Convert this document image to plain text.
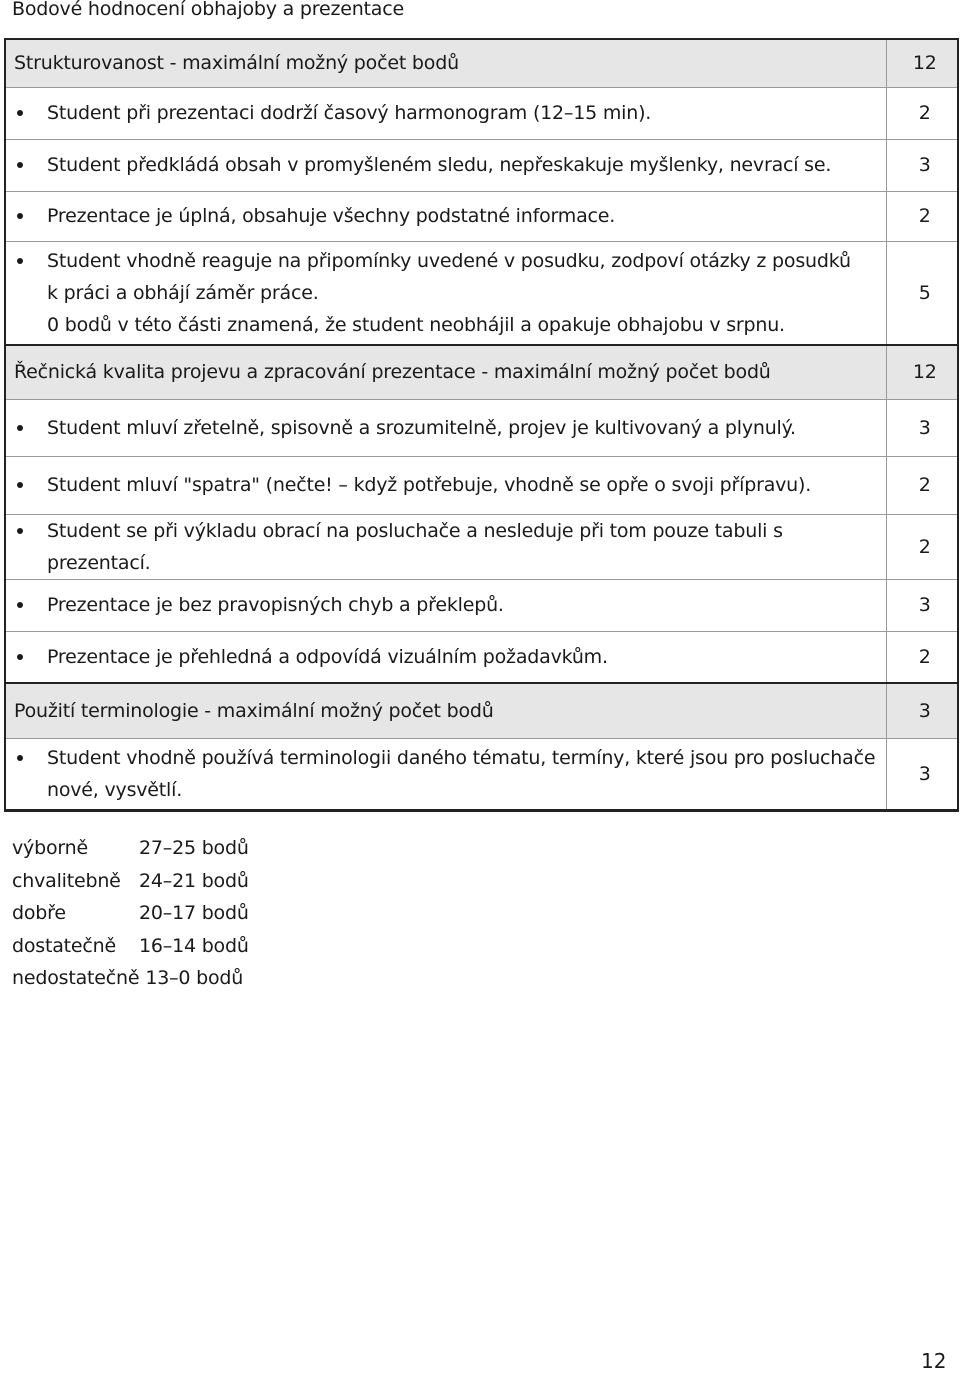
Bodové hodnocení obhajoby a prezentace
Strukturovanost - maximální možný počet bodů	12

Student při prezentaci dodrží časový harmonogram (12–15 min).	2

Student předkládá obsah v promyšleném sledu, nepřeskakuje myšlenky, nevrací se.	3

Prezentace je úplná, obsahuje všechny podstatné informace.	2

Student vhodně reaguje na připomínky uvedené v posudku, zodpoví otázky z posudků
k práci a obhájí záměr práce.
0 bodů v této části znamená, že student neobhájil a opakuje obhajobu v srpnu.	5
Řečnická kvalita projevu a zpracování prezentace - maximální možný počet bodů	12

Student mluví zřetelně, spisovně a srozumitelně, projev je kultivovaný a plynulý.	3

Student mluví "spatra" (nečte! – když potřebuje, vhodně se opře o svoji přípravu).	2

Student se při výkladu obrací na posluchače a nesleduje při tom pouze tabuli s prezentací.	2

Prezentace je bez pravopisných chyb a překlepů.	3

Prezentace je přehledná a odpovídá vizuálním požadavkům.	2
Použití terminologie - maximální možný počet bodů	3

Student vhodně používá terminologii daného tématu, termíny, které jsou pro posluchače
nové, vysvětlí.	3
výborně	27–25 bodů
chvalitebně 24–21 bodů
dobře	20–17 bodů
dostatečně	16–14 bodů
nedostatečně 13–0 bodů
12
